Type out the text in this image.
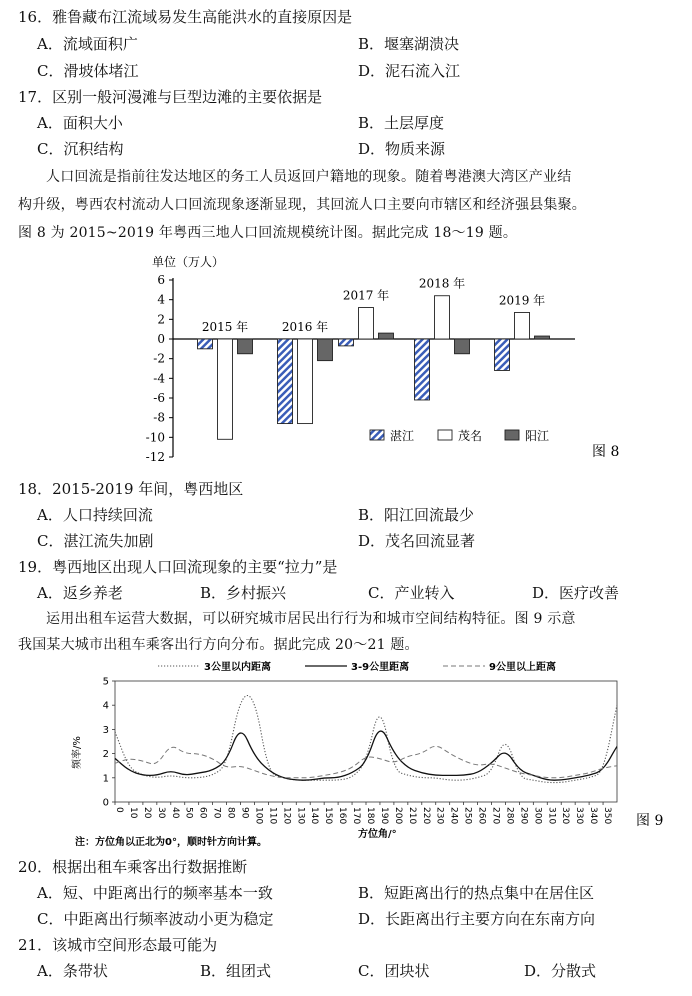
16．雅鲁藏布江流域易发生高能洪水的直接原因是
A．流域面积广	B．堰塞湖溃决
C．滑坡体堵江	D．泥石流入江
17．区别一般河漫滩与巨型边滩的主要依据是
A．面积大小	B．土层厚度
C．沉积结构	D．物质来源
人口回流是指前往发达地区的务工人员返回户籍地的现象。随着粤港澳大湾区产业结
构升级，粤西农村流动人口回流现象逐渐显现，其回流人口主要向市辖区和经济强县集聚。
图 8 为 2015~2019 年粤西三地人口回流规模统计图。据此完成 18～19 题。
单位（万人）
6
4
2
0
-2
-4
-6
-8
-10
-12
2015 年	2016 年
2017 年
2018 年
2019 年
湛江	茂名	阳江
图 8
18．2015-2019 年间，粤西地区
A．人口持续回流	B．阳江回流最少
C．湛江流失加剧	D．茂名回流显著
19．粤西地区出现人口回流现象的主要“拉力”是
A．返乡养老	B．乡村振兴	C．产业转入	D．医疗改善
运用出租车运营大数据，可以研究城市居民出行行为和城市空间结构特征。图 9 示意
我国某大城市出租车乘客出行方向分布。据此完成 20～21 题。
3公里以内距离	3-9公里距离	9公里以上距离
0
1
2
3
4
5
0 10 20 30 40 50 60 70 80 90 100 110 120 130 140 150 160 170 180 190 200 210 220 230 240 250 260 270 280 290 300 310 320 330 340 350
频率/%
方位角/°
注：方位角以正北为0°，顺时针方向计算。
图 9
20．根据出租车乘客出行数据推断
A．短、中距离出行的频率基本一致	B．短距离出行的热点集中在居住区
C．中距离出行频率波动小更为稳定	D．长距离出行主要方向在东南方向
21．该城市空间形态最可能为
A．条带状	B．组团式	C．团块状	D．分散式
